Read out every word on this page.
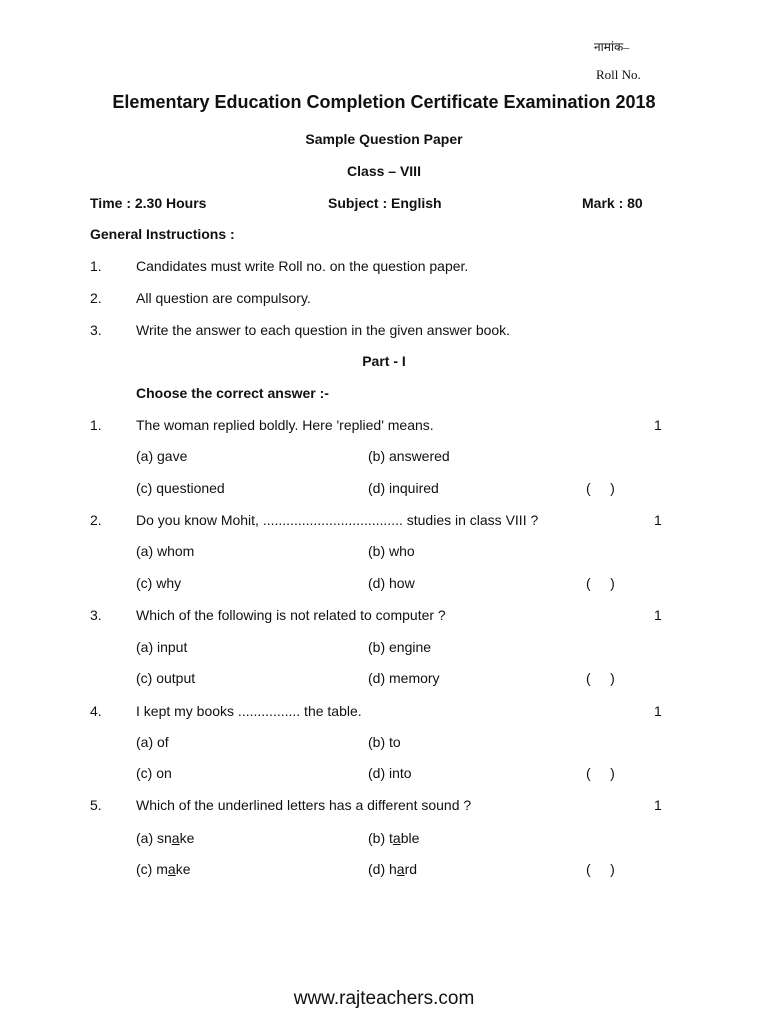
नामांक–
Roll No.
Elementary Education Completion Certificate Examination 2018
Sample Question Paper
Class – VIII
Time : 2.30 Hours	Subject : English	Mark : 80
General Instructions :
1. Candidates must write Roll no. on the question paper.
2. All question are compulsory.
3. Write the answer to each question in the given answer book.
Part - I
Choose the correct answer :-
1. The woman replied boldly. Here 'replied' means.	1
(a) gave	(b) answered
(c) questioned	(d) inquired	(     )
2. Do you know Mohit, .................................... studies in class VIII ?	1
(a) whom	(b) who
(c) why	(d) how	(     )
3. Which of the following is not related to computer ?	1
(a) input	(b) engine
(c) output	(d) memory	(     )
4. I kept my books ................ the table.	1
(a) of	(b) to
(c) on	(d) into	(     )
5. Which of the underlined letters has a different sound ?	1
(a) snake	(b) table
(c) make	(d) hard	(     )
www.rajteachers.com
